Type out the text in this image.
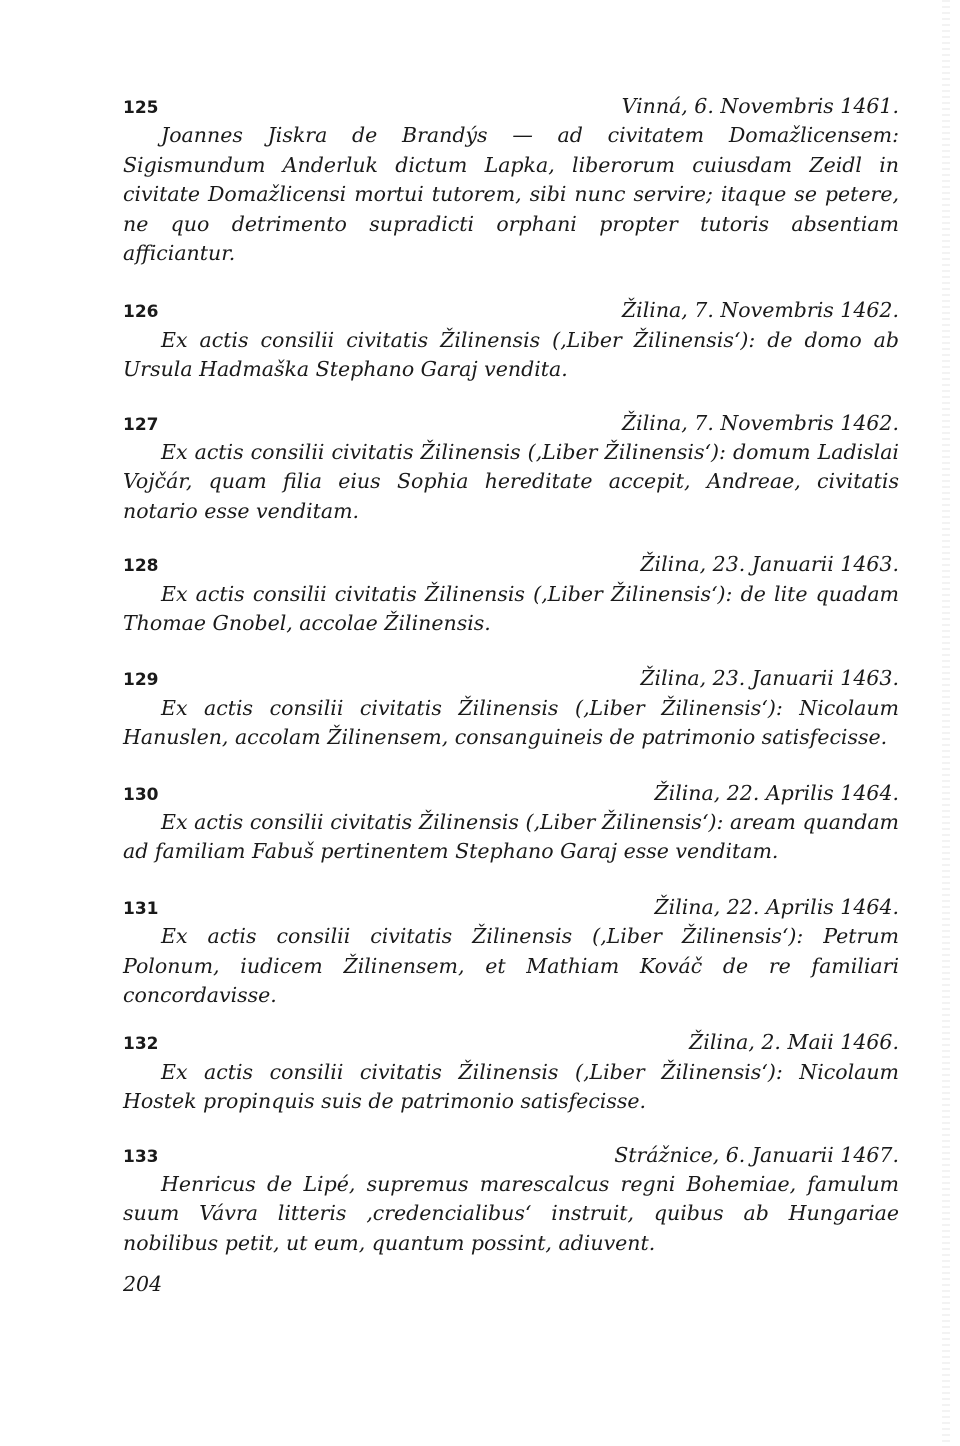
125	Vinná, 6. Novembris 1461.

Joannes Jiskra de Brandýs — ad civitatem Domažlicensem: Sigismundum Anderluk dictum Lapka, liberorum cuiusdam Zeidl in civitate Domažlicensi mortui tutorem, sibi nunc servire; itaque se petere, ne quo detrimento supradicti orphani propter tutoris absentiam afficiantur.

126	Žilina, 7. Novembris 1462.

Ex actis consilii civitatis Žilinensis (‚Liber Žilinensis‘): de domo ab Ursula Hadmaška Stephano Garaj vendita.

127	Žilina, 7. Novembris 1462.

Ex actis consilii civitatis Žilinensis (‚Liber Žilinensis‘): domum Ladislai Vojčár, quam filia eius Sophia hereditate accepit, Andreae, civitatis notario esse venditam.

128	Žilina, 23. Januarii 1463.

Ex actis consilii civitatis Žilinensis (‚Liber Žilinensis‘): de lite quadam Thomae Gnobel, accolae Žilinensis.

129	Žilina, 23. Januarii 1463.

Ex actis consilii civitatis Žilinensis (‚Liber Žilinensis‘): Nicolaum Hanuslen, accolam Žilinensem, consanguineis de patrimonio satisfecisse.

130	Žilina, 22. Aprilis 1464.

Ex actis consilii civitatis Žilinensis (‚Liber Žilinensis‘): aream quandam ad familiam Fabuš pertinentem Stephano Garaj esse venditam.

131	Žilina, 22. Aprilis 1464.

Ex actis consilii civitatis Žilinensis (‚Liber Žilinensis‘): Petrum Polonum, iudicem Žilinensem, et Mathiam Kováč de re familiari concordavisse.

132	Žilina, 2. Maii 1466.

Ex actis consilii civitatis Žilinensis (‚Liber Žilinensis‘): Nicolaum Hostek propinquis suis de patrimonio satisfecisse.

133	Strážnice, 6. Januarii 1467.

Henricus de Lipé, supremus marescalcus regni Bohemiae, famulum suum Vávra litteris ‚credencialibus‘ instruit, quibus ab Hungariae nobilibus petit, ut eum, quantum possint, adiuvent.

204
